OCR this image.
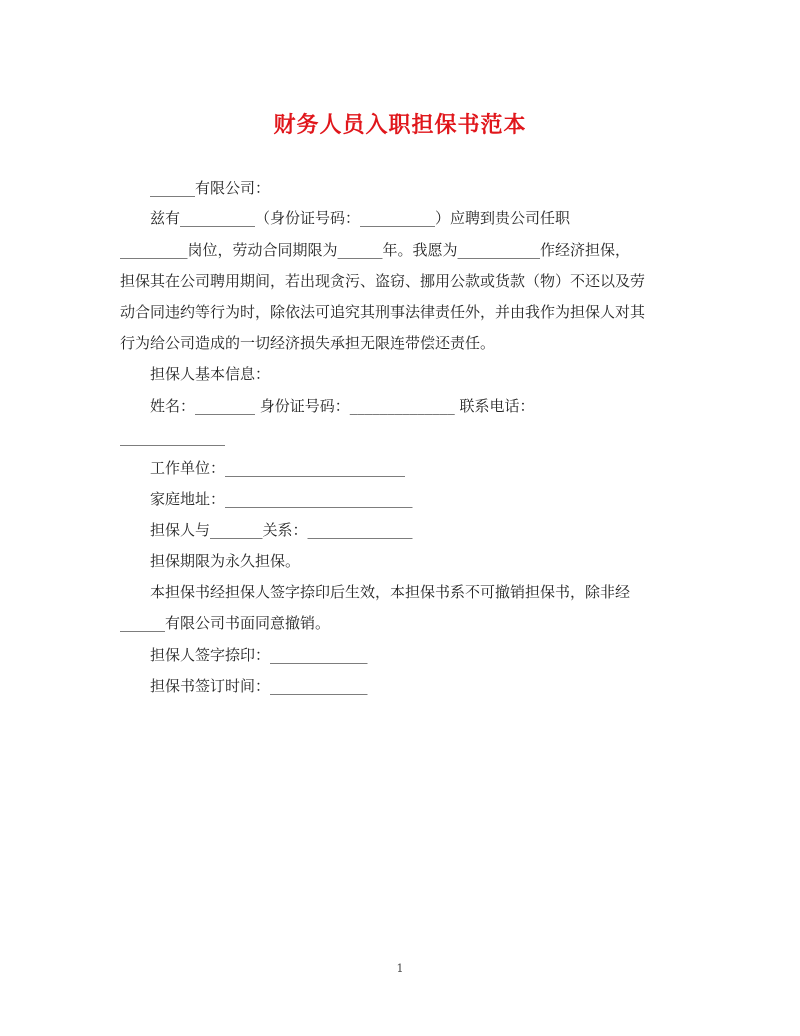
财务人员入职担保书范本
______有限公司：
兹有__________（身份证号码：__________）应聘到贵公司任职
_________岗位，劳动合同期限为______年。我愿为___________作经济担保，
担保其在公司聘用期间，若出现贪污、盗窃、挪用公款或货款（物）不还以及劳
动合同违约等行为时，除依法可追究其刑事法律责任外，并由我作为担保人对其
行为给公司造成的一切经济损失承担无限连带偿还责任。
担保人基本信息：
姓名：________ 身份证号码：______________ 联系电话：
______________
工作单位：________________________
家庭地址：_________________________
担保人与_______关系：______________
担保期限为永久担保。
本担保书经担保人签字捺印后生效，本担保书系不可撤销担保书，除非经
______有限公司书面同意撤销。
担保人签字捺印：_____________
担保书签订时间：_____________
1
